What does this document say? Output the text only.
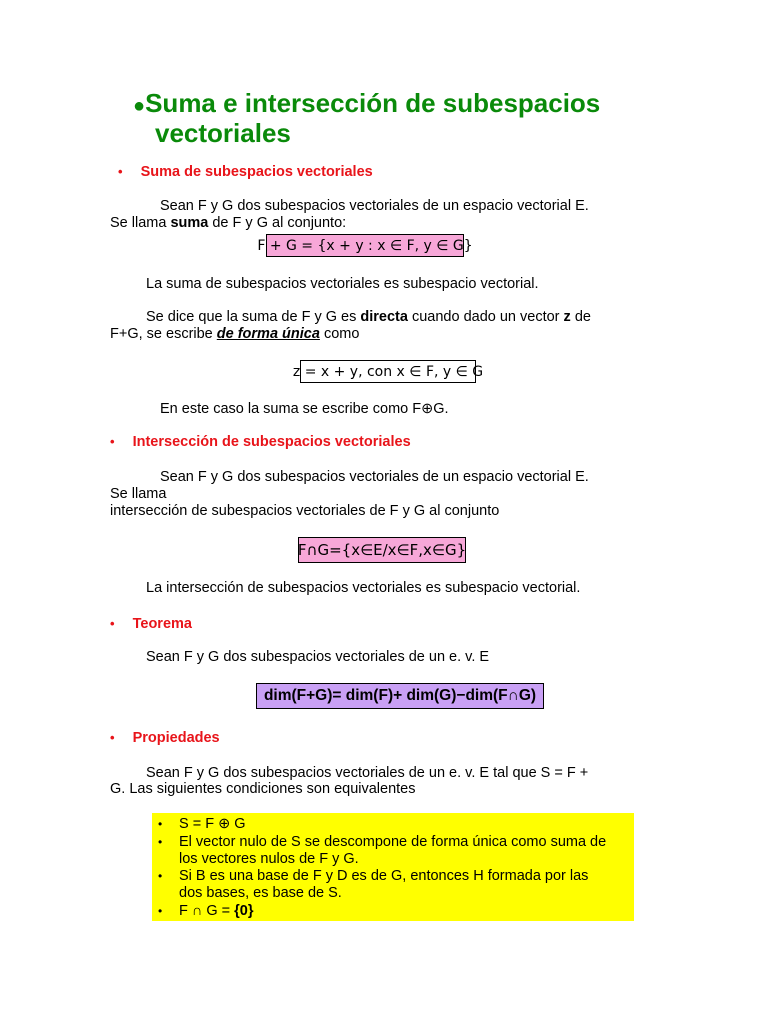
●Suma e intersección de subespacios
vectoriales
• Suma de subespacios vectoriales
Sean F y G dos subespacios vectoriales de un espacio vectorial E.
Se llama suma de F y G al conjunto:
F + G = {x + y : x ∈ F, y ∈ G}
La suma de subespacios vectoriales es subespacio vectorial.
Se dice que la suma de F y G es directa cuando dado un vector z de
F+G, se escribe de forma única como
z = x + y, con x ∈ F, y ∈ G
En este caso la suma se escribe como F⊕G.
• Intersección de subespacios vectoriales
Sean F y G dos subespacios vectoriales de un espacio vectorial E.
Se llama
intersección de subespacios vectoriales de F y G al conjunto
F∩G={x∈E/x∈F,x∈G}
La intersección de subespacios vectoriales es subespacio vectorial.
• Teorema
Sean F y G dos subespacios vectoriales de un e. v. E
dim(F+G)= dim(F)+ dim(G)−dim(F∩G)
• Propiedades
Sean F y G dos subespacios vectoriales de un e. v. E tal que S = F +
G. Las siguientes condiciones son equivalentes
• S = F ⊕ G
• El vector nulo de S se descompone de forma única como suma de
los vectores nulos de F y G.
• Si B es una base de F y D es de G, entonces H formada por las
dos bases, es base de S.
• F ∩ G = {0}
